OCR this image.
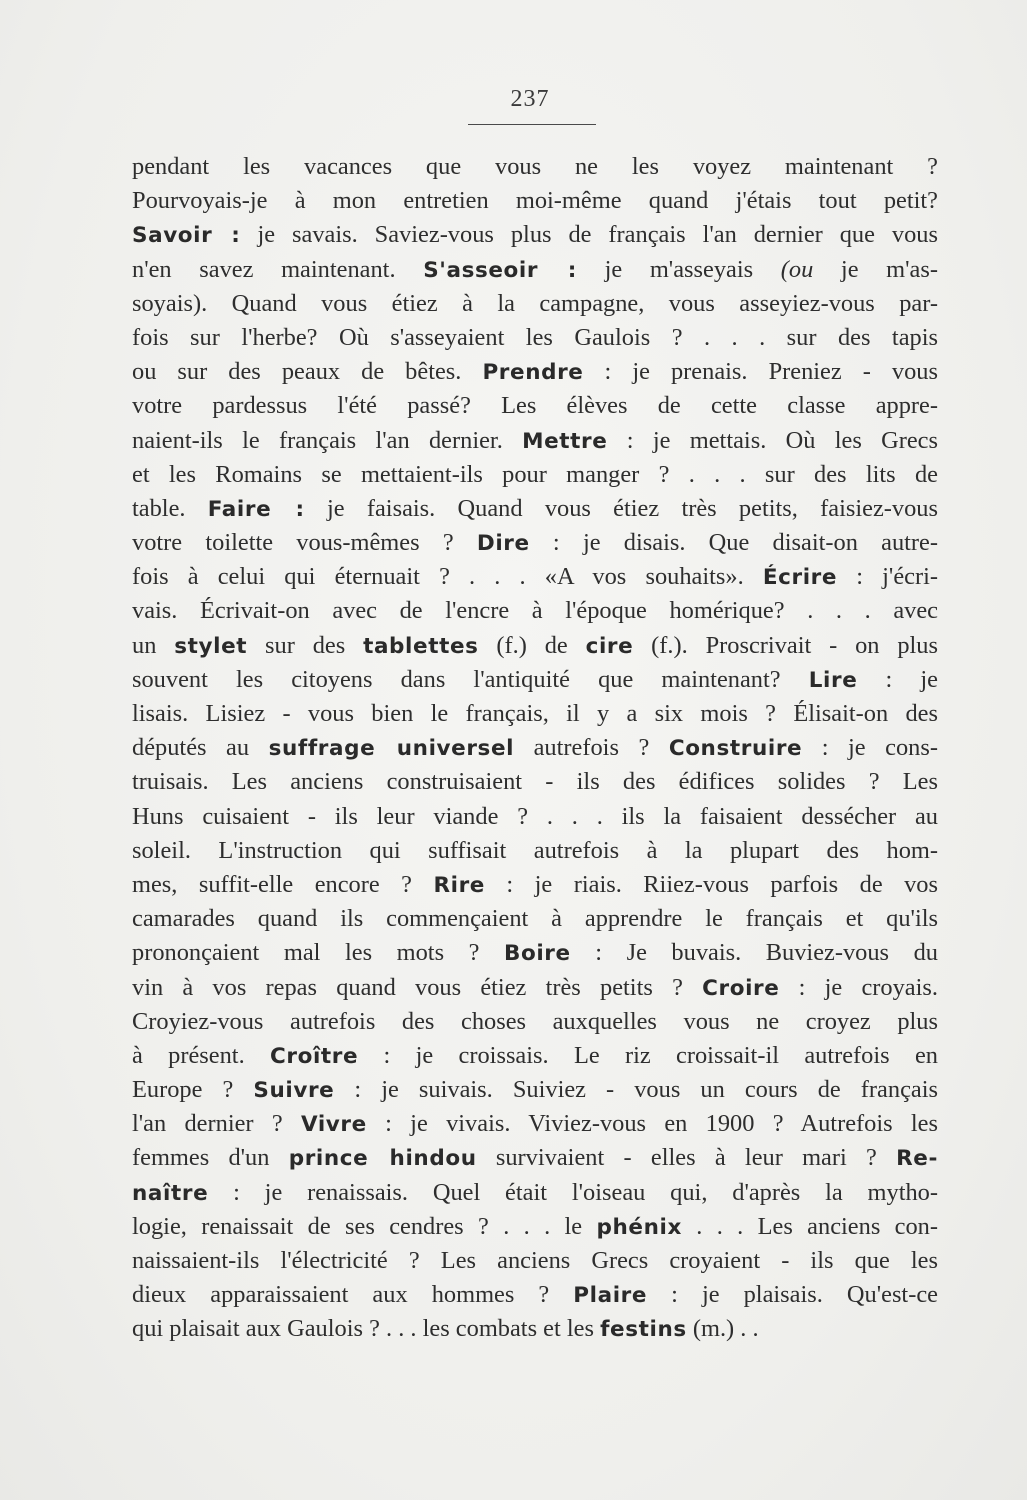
237
pendant les vacances que vous ne les voyez maintenant ?
Pourvoyais-je à mon entretien moi-même quand j'étais tout petit?
Savoir : je savais. Saviez-vous plus de français l'an dernier que vous
n'en savez maintenant. S'asseoir : je m'asseyais (ou je m'as-
soyais). Quand vous étiez à la campagne, vous asseyiez-vous par-
fois sur l'herbe? Où s'asseyaient les Gaulois ? . . . sur des tapis
ou sur des peaux de bêtes. Prendre : je prenais. Preniez - vous
votre pardessus l'été passé? Les élèves de cette classe appre-
naient-ils le français l'an dernier. Mettre : je mettais. Où les Grecs
et les Romains se mettaient-ils pour manger ? . . . sur des lits de
table. Faire : je faisais. Quand vous étiez très petits, faisiez-vous
votre toilette vous-mêmes ? Dire : je disais. Que disait-on autre-
fois à celui qui éternuait ? . . . «A vos souhaits». Écrire : j'écri-
vais. Écrivait-on avec de l'encre à l'époque homérique? . . . avec
un stylet sur des tablettes (f.) de cire (f.). Proscrivait - on plus
souvent les citoyens dans l'antiquité que maintenant? Lire : je
lisais. Lisiez - vous bien le français, il y a six mois ? Élisait-on des
députés au suffrage universel autrefois ? Construire : je cons-
truisais. Les anciens construisaient - ils des édifices solides ? Les
Huns cuisaient - ils leur viande ? . . . ils la faisaient dessécher au
soleil. L'instruction qui suffisait autrefois à la plupart des hom-
mes, suffit-elle encore ? Rire : je riais. Riiez-vous parfois de vos
camarades quand ils commençaient à apprendre le français et qu'ils
prononçaient mal les mots ? Boire : Je buvais. Buviez-vous du
vin à vos repas quand vous étiez très petits ? Croire : je croyais.
Croyiez-vous autrefois des choses auxquelles vous ne croyez plus
à présent. Croître : je croissais. Le riz croissait-il autrefois en
Europe ? Suivre : je suivais. Suiviez - vous un cours de français
l'an dernier ? Vivre : je vivais. Viviez-vous en 1900 ? Autrefois les
femmes d'un prince hindou survivaient - elles à leur mari ? Re-
naître : je renaissais. Quel était l'oiseau qui, d'après la mytho-
logie, renaissait de ses cendres ? . . . le phénix . . . Les anciens con-
naissaient-ils l'électricité ? Les anciens Grecs croyaient - ils que les
dieux apparaissaient aux hommes ? Plaire : je plaisais. Qu'est-ce
qui plaisait aux Gaulois ? . . . les combats et les festins (m.) . .
